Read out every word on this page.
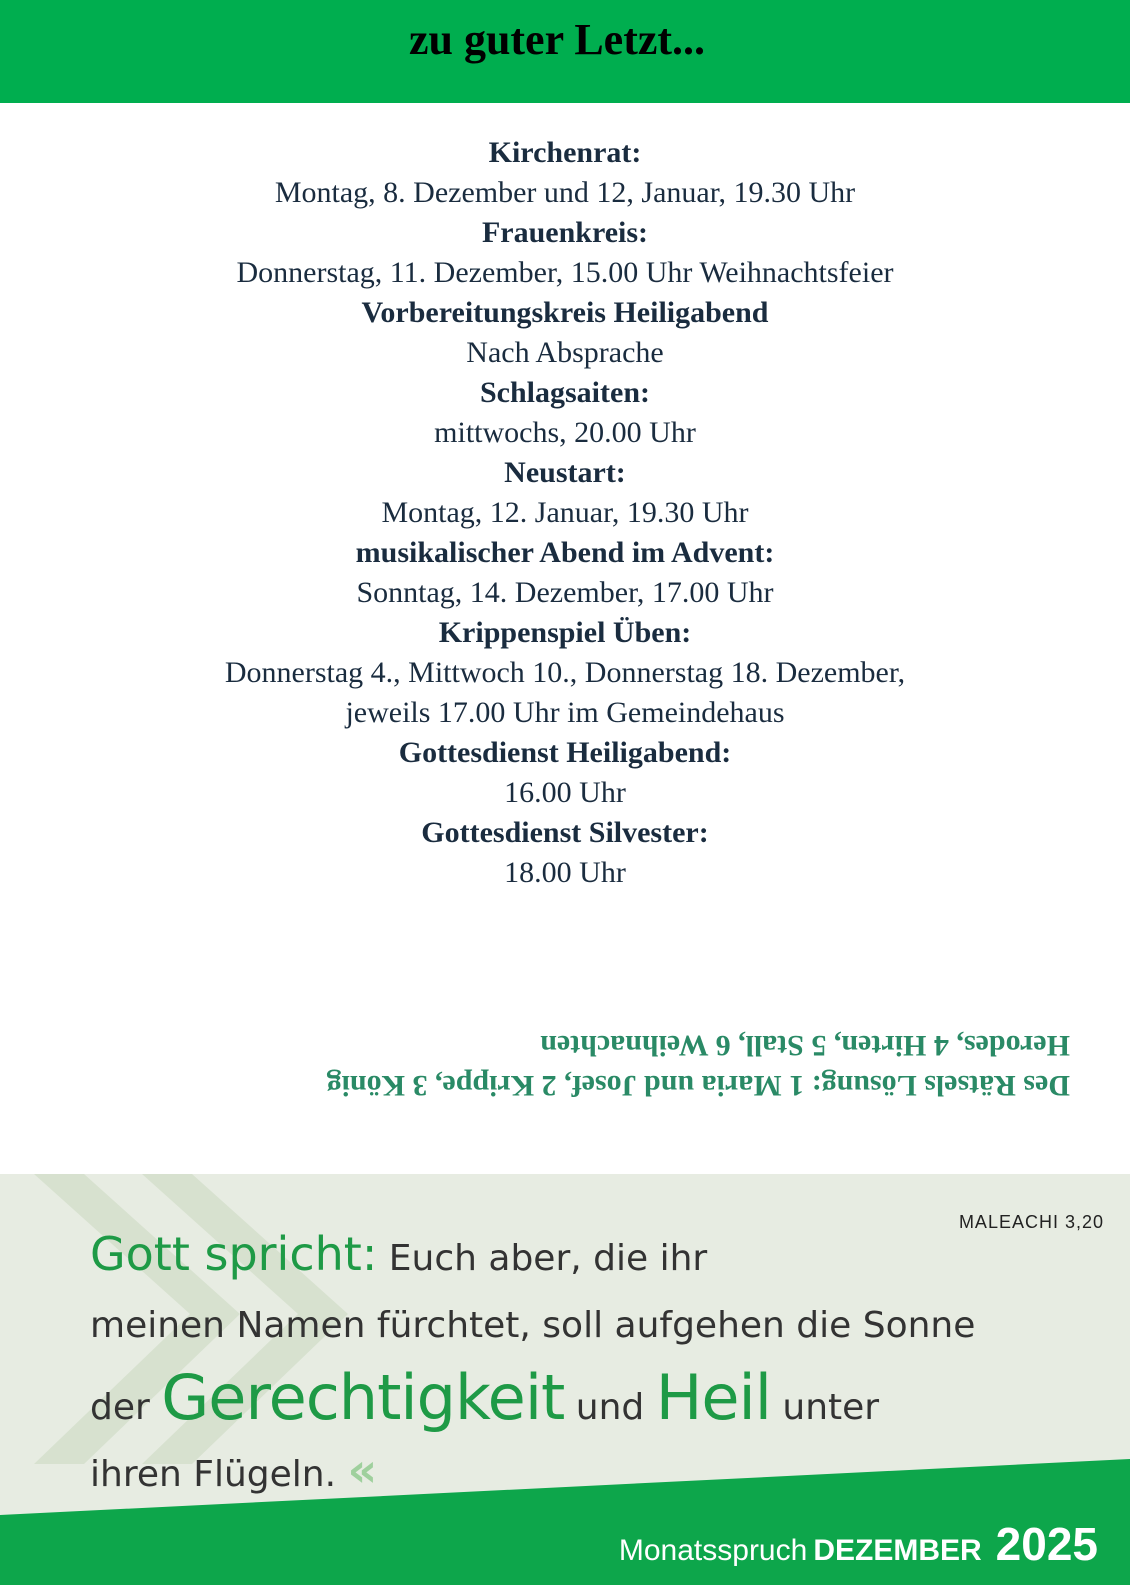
zu guter Letzt...
Kirchenrat:
Montag, 8. Dezember und 12, Januar, 19.30 Uhr
Frauenkreis:
Donnerstag, 11. Dezember, 15.00 Uhr Weihnachtsfeier
Vorbereitungskreis Heiligabend
Nach Absprache
Schlagsaiten:
mittwochs, 20.00 Uhr
Neustart:
Montag, 12. Januar, 19.30 Uhr
musikalischer Abend im Advent:
Sonntag, 14. Dezember, 17.00 Uhr
Krippenspiel Üben:
Donnerstag 4., Mittwoch 10., Donnerstag 18. Dezember,
jeweils 17.00 Uhr im Gemeindehaus
Gottesdienst Heiligabend:
16.00 Uhr
Gottesdienst Silvester:
18.00 Uhr
Des Rätsels Lösung: 1 Maria und Josef, 2 Krippe, 3 König
Herodes, 4 Hirten, 5 Stall, 6 Weihnachten
MALEACHI 3,20
Gott spricht: Euch aber, die ihr
meinen Namen fürchtet, soll aufgehen die Sonne
der Gerechtigkeit und Heil unter
ihren Flügeln. «
Monatsspruch DEZEMBER 2025
